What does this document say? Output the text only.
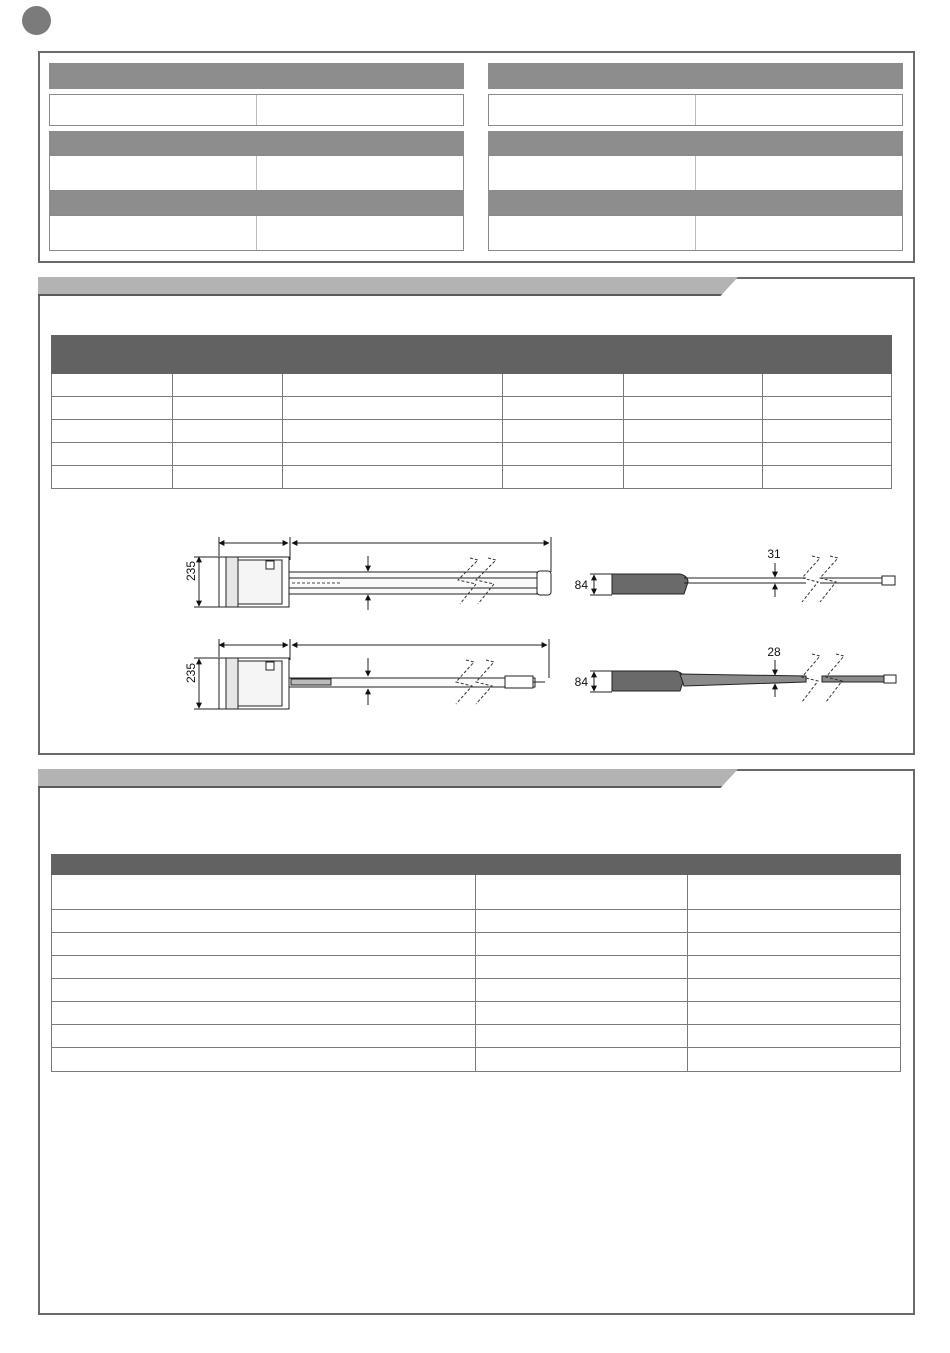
235
235
84
31
84
28
